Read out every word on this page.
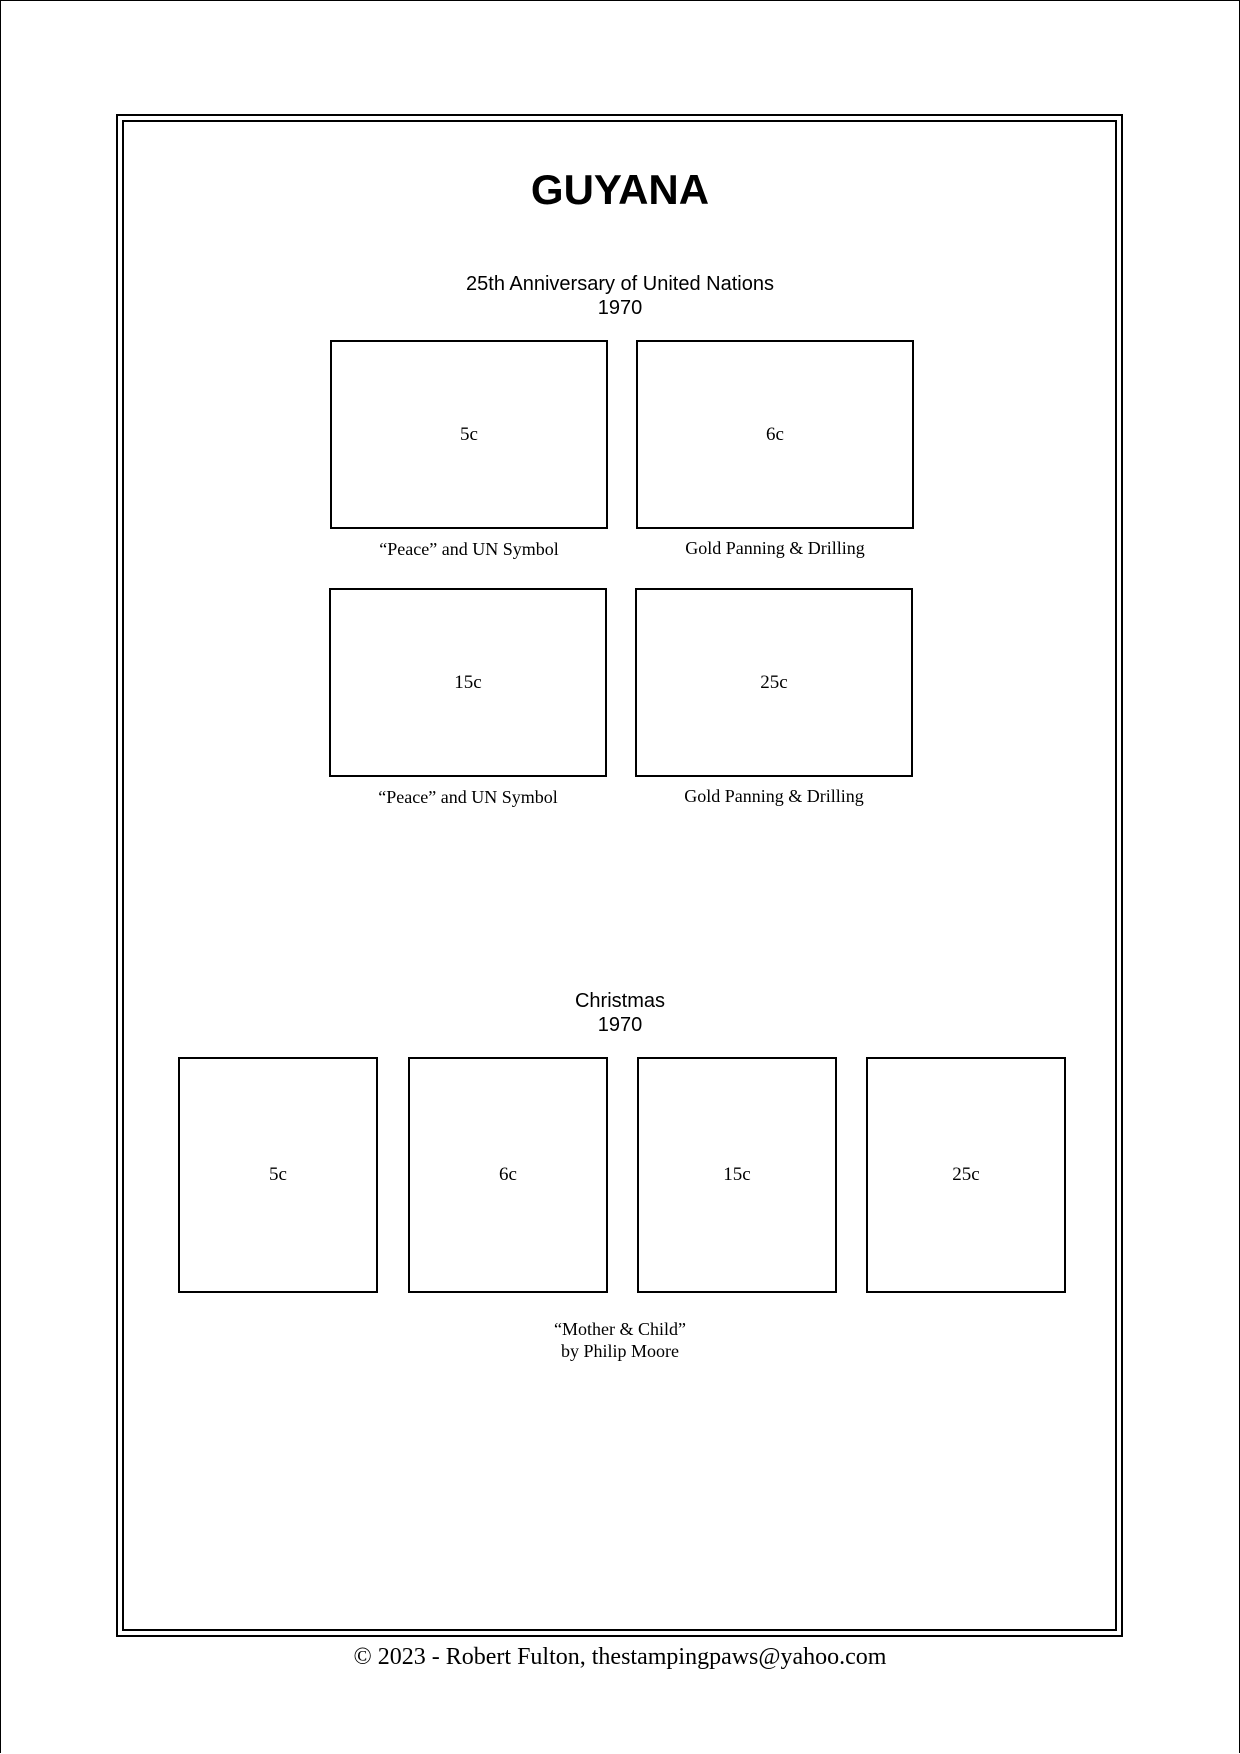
GUYANA
25th Anniversary of United Nations
1970
5c	6c
“Peace” and UN Symbol	Gold Panning & Drilling
15c	25c
“Peace” and UN Symbol	Gold Panning & Drilling
Christmas
1970
5c	6c	15c	25c
“Mother & Child”
by Philip Moore
© 2023 - Robert Fulton, thestampingpaws@yahoo.com
